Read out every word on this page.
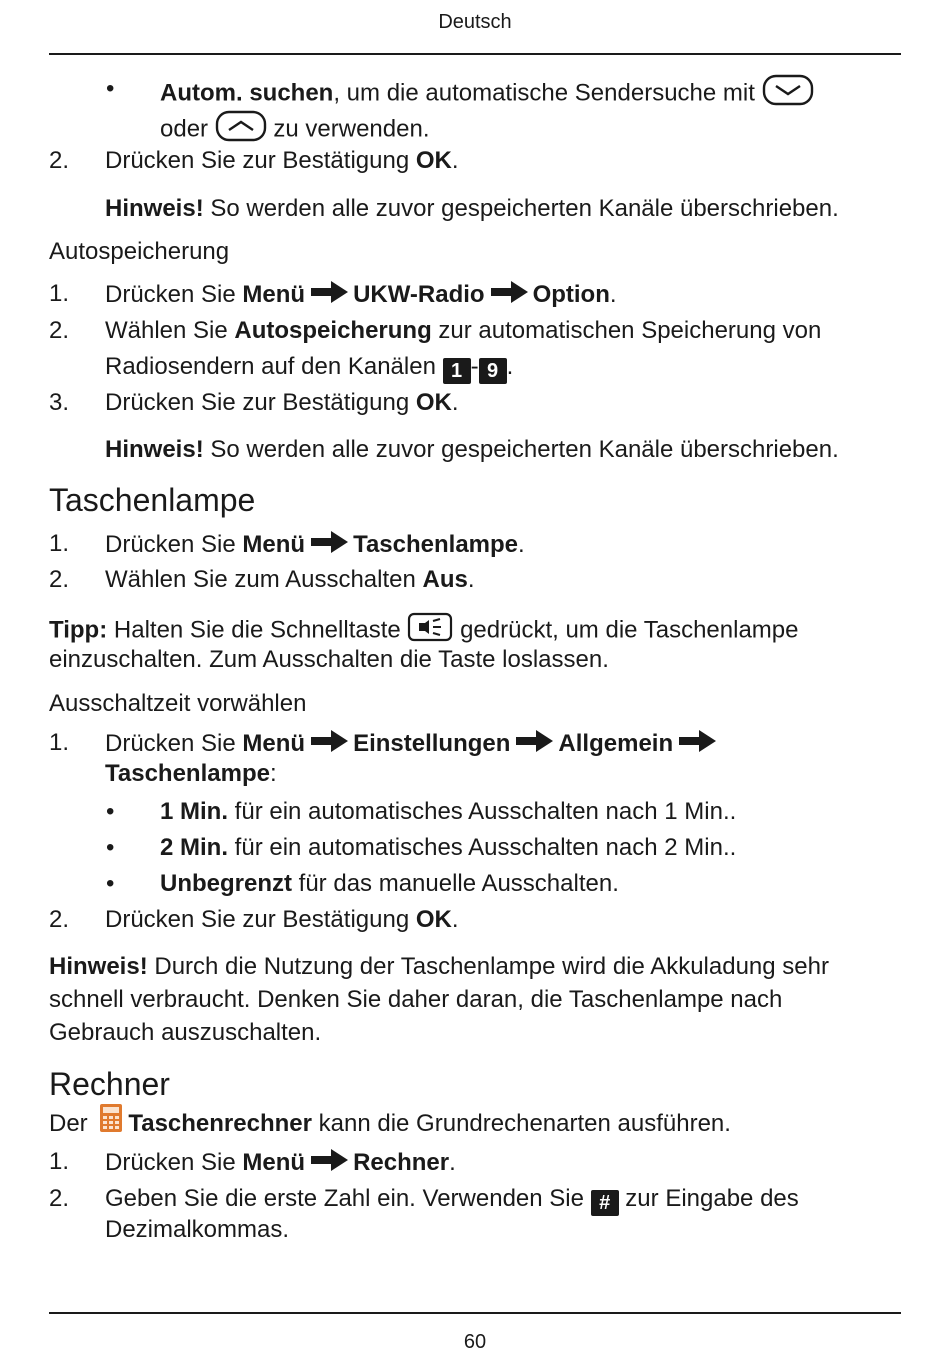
Deutsch
• Autom. suchen, um die automatische Sendersuche mit
oder	zu verwenden.
2. Drücken Sie zur Bestätigung OK.
Hinweis! So werden alle zuvor gespeicherten Kanäle überschrieben.
Autospeicherung
1. Drücken Sie Menü UKW-Radio Option.
2. Wählen Sie Autospeicherung zur automatischen Speicherung von
Radiosendern auf den Kanälen 1 - 9 .
3. Drücken Sie zur Bestätigung OK.
Hinweis! So werden alle zuvor gespeicherten Kanäle überschrieben.
Taschenlampe
1. Drücken Sie Menü Taschenlampe.
2. Wählen Sie zum Ausschalten Aus.
Tipp: Halten Sie die Schnelltaste  gedrückt, um die Taschenlampe
einzuschalten. Zum Ausschalten die Taste loslassen.
Ausschaltzeit vorwählen
1. Drücken Sie Menü Einstellungen Allgemein
Taschenlampe:
• 1 Min. für ein automatisches Ausschalten nach 1 Min..
• 2 Min. für ein automatisches Ausschalten nach 2 Min..
• Unbegrenzt für das manuelle Ausschalten.
2. Drücken Sie zur Bestätigung OK.
Hinweis! Durch die Nutzung der Taschenlampe wird die Akkuladung sehr
schnell verbraucht. Denken Sie daher daran, die Taschenlampe nach
Gebrauch auszuschalten.
Rechner
Der Taschenrechner kann die Grundrechenarten ausführen.
1. Drücken Sie Menü Rechner.
2. Geben Sie die erste Zahl ein. Verwenden Sie # zur Eingabe des
Dezimalkommas.
60
